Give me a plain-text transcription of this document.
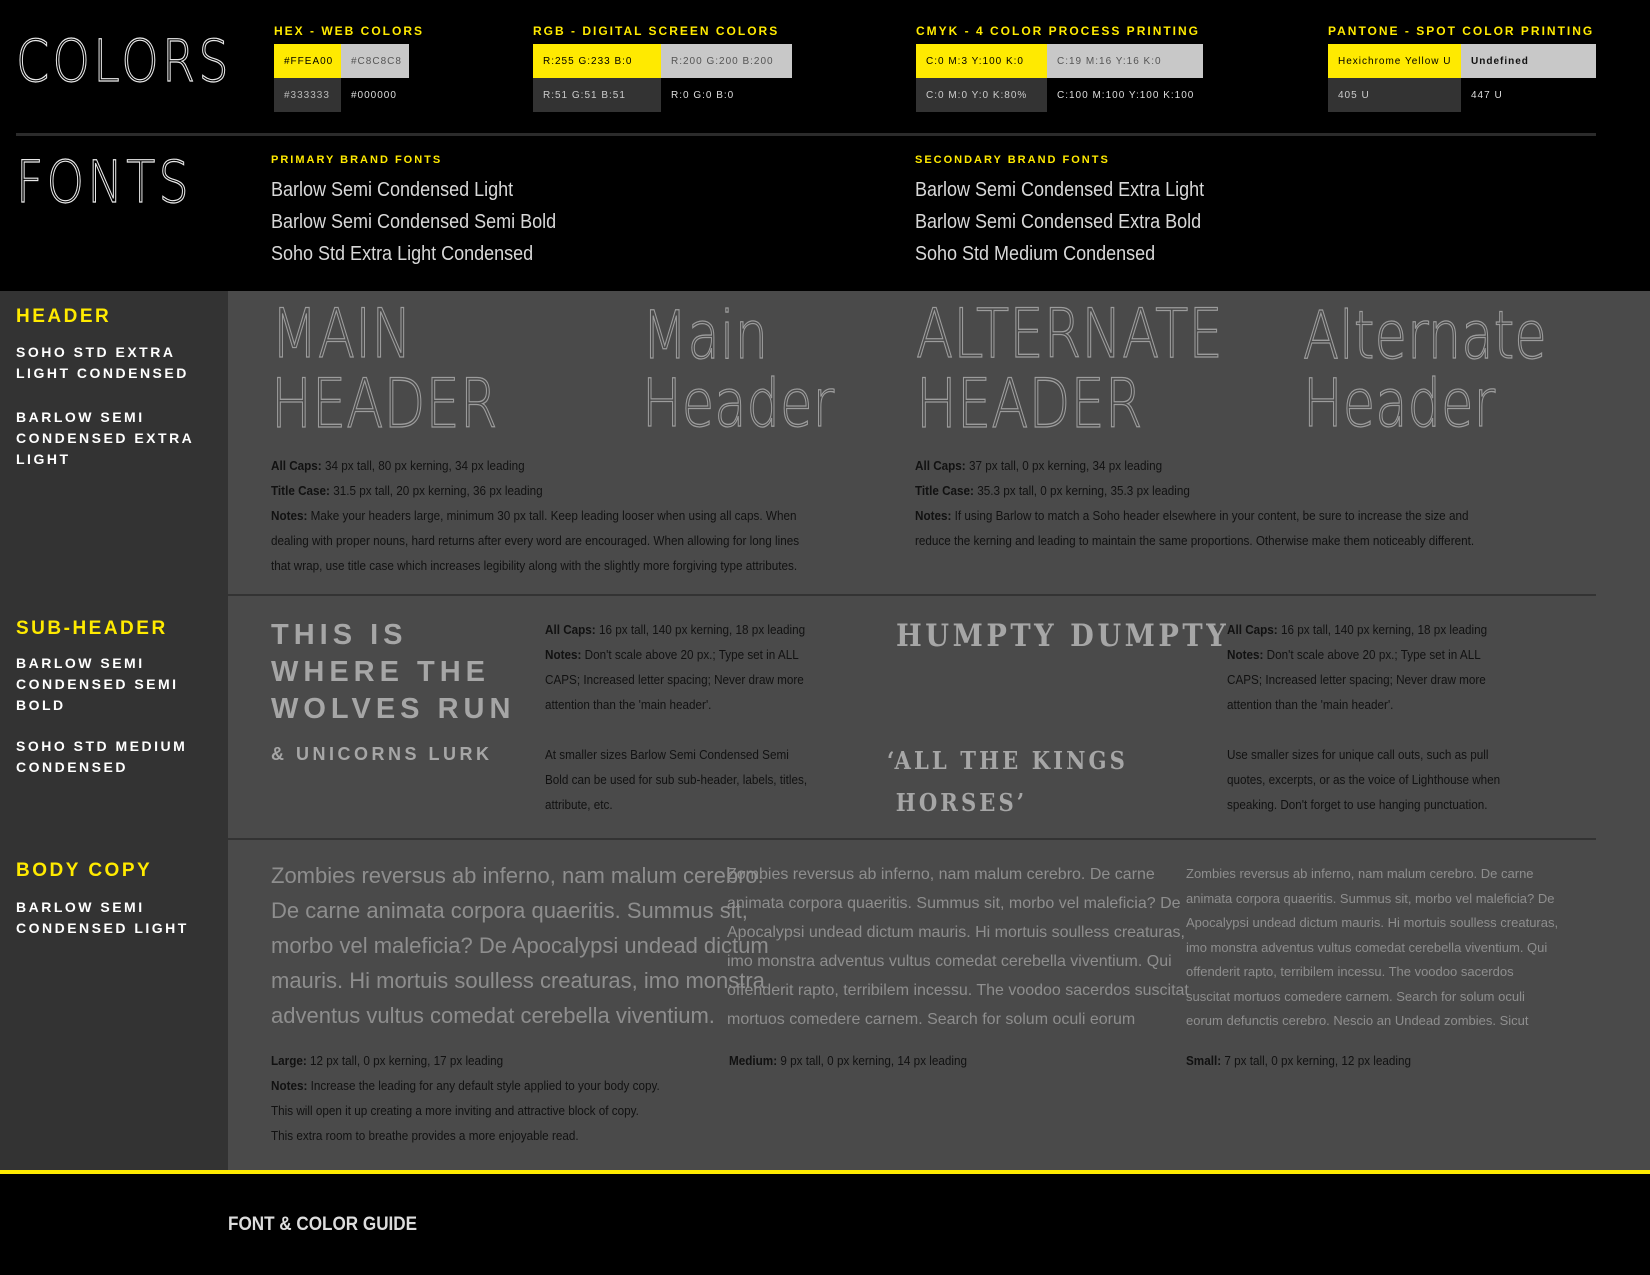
COLORS	HEX - WEB COLORS
#FFEA00	#C8C8C8
#333333	#000000
RGB - DIGITAL SCREEN COLORS
R:255 G:233 B:0	R:200 G:200 B:200
R:51 G:51 B:51	R:0 G:0 B:0
CMYK - 4 COLOR PROCESS PRINTING
C:0 M:3 Y:100 K:0	C:19 M:16 Y:16 K:0
C:0 M:0 Y:0 K:80%	C:100 M:100 Y:100 K:100
PANTONE - SPOT COLOR PRINTING
Hexichrome Yellow U	Undefined
405 U	447 U
FONTS	PRIMARY BRAND FONTS
Barlow Semi Condensed Light
Barlow Semi Condensed Semi Bold
Soho Std Extra Light Condensed
SECONDARY BRAND FONTS
Barlow Semi Condensed Extra Light
Barlow Semi Condensed Extra Bold
Soho Std Medium Condensed
HEADER
SOHO STD EXTRA LIGHT CONDENSED
BARLOW SEMI CONDENSED EXTRA LIGHT
SUB-HEADER
BARLOW SEMI CONDENSED SEMI BOLD
SOHO STD MEDIUM CONDENSED
BODY COPY
BARLOW SEMI CONDENSED LIGHT
MAIN
HEADER
Main
Header
ALTERNATE
HEADER
Alternate
Header
All Caps: 34 px tall, 80 px kerning, 34 px leading
Title Case: 31.5 px tall, 20 px kerning, 36 px leading
Notes: Make your headers large, minimum 30 px tall. Keep leading looser when using all caps. When
dealing with proper nouns, hard returns after every word are encouraged. When allowing for long lines
that wrap, use title case which increases legibility along with the slightly more forgiving type attributes.
All Caps: 37 px tall, 0 px kerning, 34 px leading
Title Case: 35.3 px tall, 0 px kerning, 35.3 px leading
Notes: If using Barlow to match a Soho header elsewhere in your content, be sure to increase the size and
reduce the kerning and leading to maintain the same proportions. Otherwise make them noticeably different.
THIS IS
WHERE THE
WOLVES RUN
& UNICORNS LURK
All Caps: 16 px tall, 140 px kerning, 18 px leading
Notes: Don't scale above 20 px.; Type set in ALL
CAPS; Increased letter spacing; Never draw more
attention than the 'main header'.
At smaller sizes Barlow Semi Condensed Semi
Bold can be used for sub sub-header, labels, titles,
attribute, etc.
HUMPTY DUMPTY
‘ALL THE KINGS
HORSES’
All Caps: 16 px tall, 140 px kerning, 18 px leading
Notes: Don't scale above 20 px.; Type set in ALL
CAPS; Increased letter spacing; Never draw more
attention than the 'main header'.
Use smaller sizes for unique call outs, such as pull
quotes, excerpts, or as the voice of Lighthouse when
speaking. Don't forget to use hanging punctuation.
Zombies reversus ab inferno, nam malum cerebro.
De carne animata corpora quaeritis. Summus sit,
morbo vel maleficia? De Apocalypsi undead dictum
mauris. Hi mortuis soulless creaturas, imo monstra
adventus vultus comedat cerebella viventium.
Zombies reversus ab inferno, nam malum cerebro. De carne
animata corpora quaeritis. Summus sit, morbo vel maleficia? De
Apocalypsi undead dictum mauris. Hi mortuis soulless creaturas,
imo monstra adventus vultus comedat cerebella viventium. Qui
offenderit rapto, terribilem incessu. The voodoo sacerdos suscitat
mortuos comedere carnem. Search for solum oculi eorum
Zombies reversus ab inferno, nam malum cerebro. De carne
animata corpora quaeritis. Summus sit, morbo vel maleficia? De
Apocalypsi undead dictum mauris. Hi mortuis soulless creaturas,
imo monstra adventus vultus comedat cerebella viventium. Qui
offenderit rapto, terribilem incessu. The voodoo sacerdos
suscitat mortuos comedere carnem. Search for solum oculi
eorum defunctis cerebro. Nescio an Undead zombies. Sicut
Large: 12 px tall, 0 px kerning, 17 px leading
Notes: Increase the leading for any default style applied to your body copy.
This will open it up creating a more inviting and attractive block of copy.
This extra room to breathe provides a more enjoyable read.
Medium: 9 px tall, 0 px kerning, 14 px leading	Small: 7 px tall, 0 px kerning, 12 px leading
FONT & COLOR GUIDE
